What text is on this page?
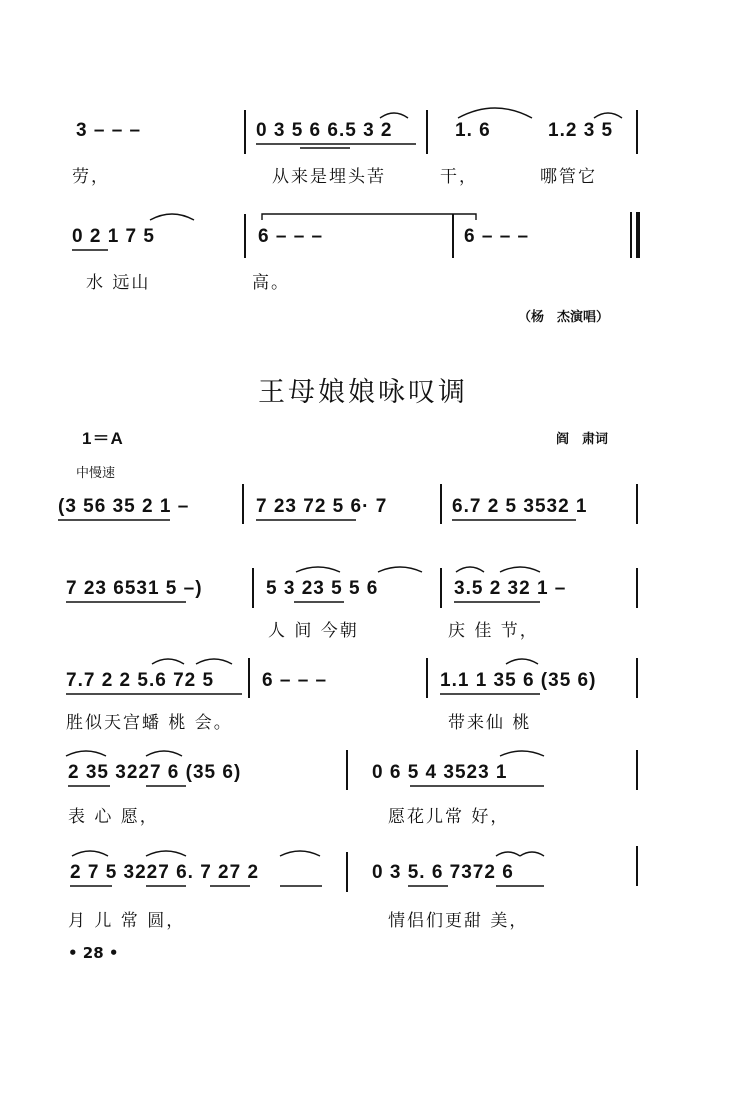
3 – – –	0 3 5 6 6.5 3 2	1. 6	1.2 3 5
劳，	从来是埋头苦	干，	哪管它
0 2 1 7 5	6 – – –	6 – – –
水 远山	高。
（杨　杰演唱）
王母娘娘咏叹调
1＝A	阎　肃词
中慢速
(3 56 35 2 1 –	7 23 72 5 6· 7	6.7 2 5 3532 1
7 23 6531 5 –)	5 3 23 5 5 6	3.5 2 32 1 –
人 间 今朝	庆 佳 节，
7.7 2 2 5.6 72 5	6 – – –	1.1 1 35 6 (35 6)
胜似天宫蟠 桃 会。	带来仙 桃
2 35 3227 6 (35 6)	0 6 5 4 3523 1
表 心 愿，	愿花儿常 好，
2 7 5 3227 6. 7 27 2	0 3 5. 6 7372 6
月 儿 常 圆，	情侣们更甜 美，
• 28 •
